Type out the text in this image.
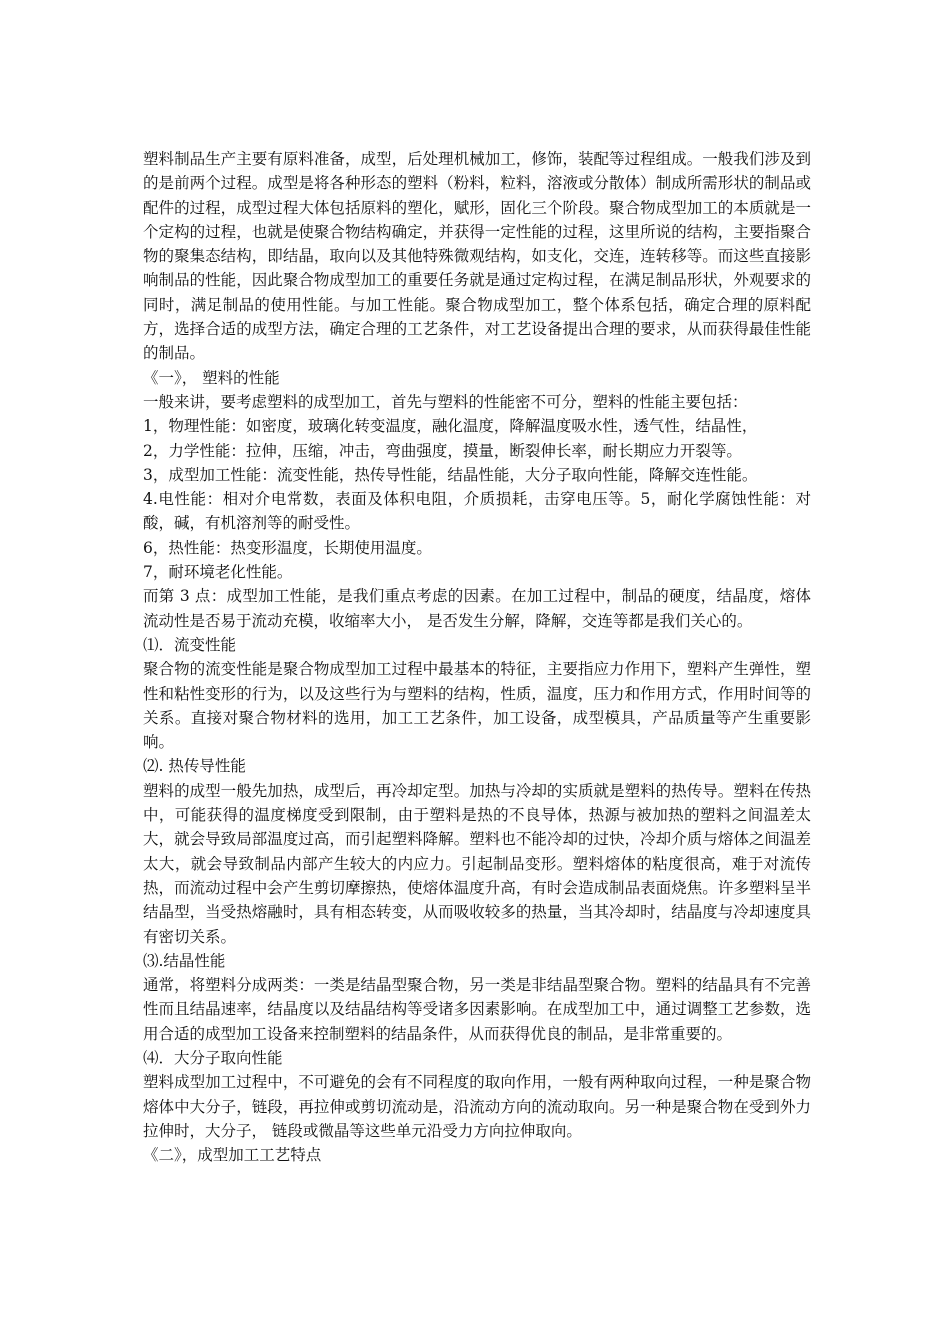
塑料制品生产主要有原料准备，成型，后处理机械加工，修饰，装配等过程组成。一般我们涉及到的是前两个过程。成型是将各种形态的塑料（粉料，粒料，溶液或分散体）制成所需形状的制品或配件的过程，成型过程大体包括原料的塑化，赋形，固化三个阶段。聚合物成型加工的本质就是一个定构的过程，也就是使聚合物结构确定，并获得一定性能的过程，这里所说的结构，主要指聚合物的聚集态结构，即结晶，取向以及其他特殊微观结构，如支化，交连，连转移等。而这些直接影响制品的性能，因此聚合物成型加工的重要任务就是通过定构过程，在满足制品形状，外观要求的同时，满足制品的使用性能。与加工性能。聚合物成型加工，整个体系包括，确定合理的原料配方，选择合适的成型方法，确定合理的工艺条件，对工艺设备提出合理的要求，从而获得最佳性能的制品。

《一》， 塑料的性能

一般来讲，要考虑塑料的成型加工，首先与塑料的性能密不可分，塑料的性能主要包括：

1，物理性能：如密度，玻璃化转变温度，融化温度，降解温度吸水性，透气性，结晶性，

2，力学性能：拉伸，压缩，冲击，弯曲强度，摸量，断裂伸长率，耐长期应力开裂等。

3，成型加工性能：流变性能，热传导性能，结晶性能，大分子取向性能，降解交连性能。

4.电性能：相对介电常数，表面及体积电阻，介质损耗，击穿电压等。5，耐化学腐蚀性能：对酸，碱，有机溶剂等的耐受性。

6，热性能：热变形温度，长期使用温度。

7，耐环境老化性能。

而第 3 点：成型加工性能，是我们重点考虑的因素。在加工过程中，制品的硬度，结晶度，熔体流动性是否易于流动充模，收缩率大小， 是否发生分解，降解，交连等都是我们关心的。

⑴．流变性能

聚合物的流变性能是聚合物成型加工过程中最基本的特征，主要指应力作用下，塑料产生弹性，塑性和粘性变形的行为，以及这些行为与塑料的结构，性质，温度，压力和作用方式，作用时间等的关系。直接对聚合物材料的选用，加工工艺条件，加工设备，成型模具，产品质量等产生重要影响。

⑵. 热传导性能

塑料的成型一般先加热，成型后，再冷却定型。加热与冷却的实质就是塑料的热传导。塑料在传热中，可能获得的温度梯度受到限制，由于塑料是热的不良导体，热源与被加热的塑料之间温差太大，就会导致局部温度过高，而引起塑料降解。塑料也不能冷却的过快，冷却介质与熔体之间温差太大，就会导致制品内部产生较大的内应力。引起制品变形。塑料熔体的粘度很高，难于对流传热，而流动过程中会产生剪切摩擦热，使熔体温度升高，有时会造成制品表面烧焦。许多塑料呈半结晶型，当受热熔融时，具有相态转变，从而吸收较多的热量，当其冷却时，结晶度与冷却速度具有密切关系。

⑶.结晶性能

通常，将塑料分成两类：一类是结晶型聚合物，另一类是非结晶型聚合物。塑料的结晶具有不完善性而且结晶速率，结晶度以及结晶结构等受诸多因素影响。在成型加工中，通过调整工艺参数，选用合适的成型加工设备来控制塑料的结晶条件，从而获得优良的制品，是非常重要的。

⑷．大分子取向性能

塑料成型加工过程中，不可避免的会有不同程度的取向作用，一般有两种取向过程，一种是聚合物熔体中大分子，链段，再拉伸或剪切流动是，沿流动方向的流动取向。另一种是聚合物在受到外力拉伸时，大分子， 链段或微晶等这些单元沿受力方向拉伸取向。

《二》，成型加工工艺特点
